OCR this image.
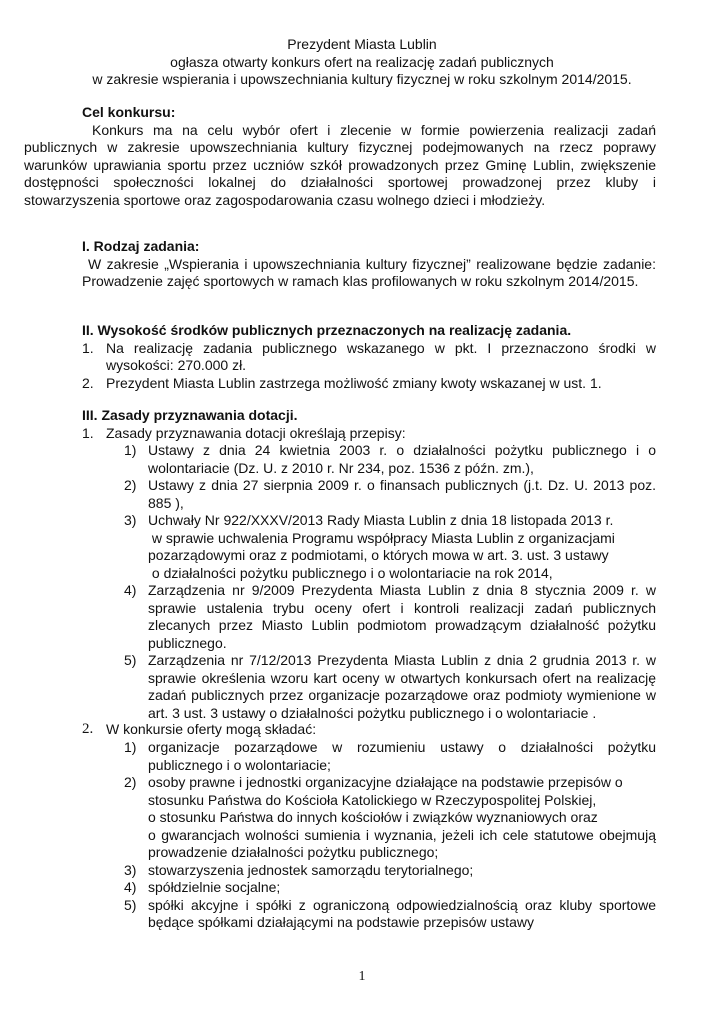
Prezydent Miasta Lublin
ogłasza otwarty konkurs ofert na realizację zadań publicznych
w zakresie wspierania i upowszechniania kultury fizycznej w roku szkolnym 2014/2015.
Cel konkursu:
Konkurs ma na celu wybór ofert i zlecenie w formie powierzenia realizacji zadań publicznych w zakresie upowszechniania kultury fizycznej podejmowanych na rzecz poprawy warunków uprawiania sportu przez uczniów szkół prowadzonych przez Gminę Lublin, zwiększenie dostępności społeczności lokalnej do działalności sportowej prowadzonej przez kluby i stowarzyszenia sportowe oraz zagospodarowania czasu wolnego dzieci i młodzieży.
I. Rodzaj zadania:
W zakresie „Wspierania i upowszechniania kultury fizycznej” realizowane będzie zadanie: Prowadzenie zajęć sportowych w ramach klas profilowanych w roku szkolnym 2014/2015.
II. Wysokość środków publicznych przeznaczonych na realizację zadania.
1. Na realizację zadania publicznego wskazanego w pkt. I przeznaczono środki w wysokości: 270.000 zł.
2. Prezydent Miasta Lublin zastrzega możliwość zmiany kwoty wskazanej w ust. 1.
III. Zasady przyznawania dotacji.
1. Zasady przyznawania dotacji określają przepisy:
1) Ustawy z dnia 24 kwietnia 2003 r. o działalności pożytku publicznego i o wolontariacie (Dz. U. z 2010 r. Nr 234, poz. 1536 z późn. zm.),
2) Ustawy z dnia 27 sierpnia 2009 r. o finansach publicznych (j.t. Dz. U. 2013 poz. 885 ),
3) Uchwały Nr 922/XXXV/2013 Rady Miasta Lublin z dnia 18 listopada 2013 r.
w sprawie uchwalenia Programu współpracy Miasta Lublin z organizacjami
pozarządowymi oraz z podmiotami, o których mowa w art. 3. ust. 3 ustawy
o działalności pożytku publicznego i o wolontariacie na rok 2014,
4) Zarządzenia nr 9/2009 Prezydenta Miasta Lublin z dnia 8 stycznia 2009 r. w sprawie ustalenia trybu oceny ofert i kontroli realizacji zadań publicznych zlecanych przez Miasto Lublin podmiotom prowadzącym działalność pożytku publicznego.
5) Zarządzenia nr 7/12/2013 Prezydenta Miasta Lublin z dnia 2 grudnia 2013 r. w sprawie określenia wzoru kart oceny w otwartych konkursach ofert na realizację zadań publicznych przez organizacje pozarządowe oraz podmioty wymienione w art. 3 ust. 3 ustawy o działalności pożytku publicznego i o wolontariacie .
2. W konkursie oferty mogą składać:
1) organizacje pozarządowe w rozumieniu ustawy o działalności pożytku publicznego i o wolontariacie;
2) osoby prawne i jednostki organizacyjne działające na podstawie przepisów o
stosunku Państwa do Kościoła Katolickiego w Rzeczypospolitej Polskiej,
o stosunku Państwa do innych kościołów i związków wyznaniowych oraz
o gwarancjach wolności sumienia i wyznania, jeżeli ich cele statutowe obejmują prowadzenie działalności pożytku publicznego;
3) stowarzyszenia jednostek samorządu terytorialnego;
4) spółdzielnie socjalne;
5) spółki akcyjne i spółki z ograniczoną odpowiedzialnością oraz kluby sportowe będące spółkami działającymi na podstawie przepisów ustawy
1
